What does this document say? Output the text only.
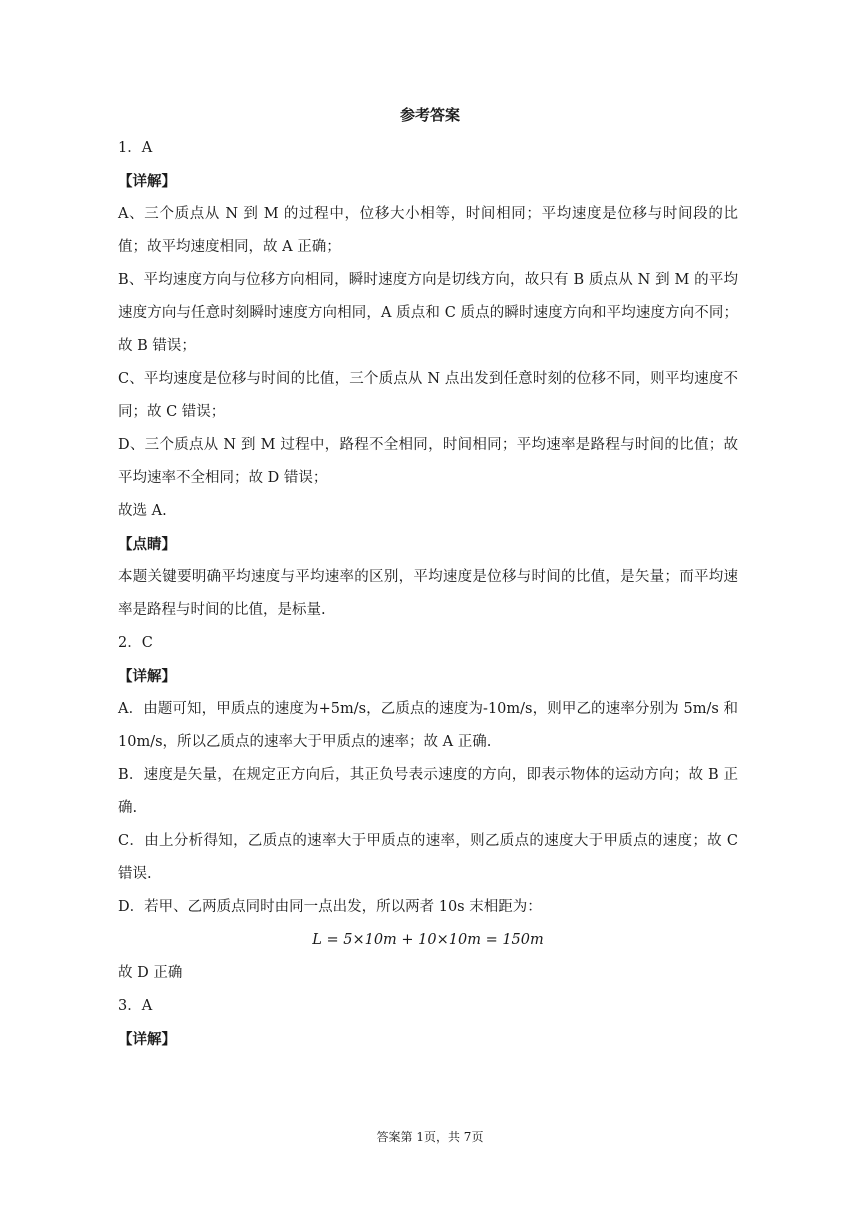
参考答案

1．A

【详解】

A、三个质点从 N 到 M 的过程中，位移大小相等，时间相同；平均速度是位移与时间段的比值；故平均速度相同，故 A 正确；

B、平均速度方向与位移方向相同，瞬时速度方向是切线方向，故只有 B 质点从 N 到 M 的平均速度方向与任意时刻瞬时速度方向相同，A 质点和 C 质点的瞬时速度方向和平均速度方向不同；故 B 错误；

C、平均速度是位移与时间的比值，三个质点从 N 点出发到任意时刻的位移不同，则平均速度不同；故 C 错误；

D、三个质点从 N 到 M 过程中，路程不全相同，时间相同；平均速率是路程与时间的比值；故平均速率不全相同；故 D 错误；

故选 A.

【点睛】

本题关键要明确平均速度与平均速率的区别，平均速度是位移与时间的比值，是矢量；而平均速率是路程与时间的比值，是标量.

2．C

【详解】

A．由题可知，甲质点的速度为+5m/s，乙质点的速度为-10m/s，则甲乙的速率分别为 5m/s 和 10m/s，所以乙质点的速率大于甲质点的速率；故 A 正确.

B．速度是矢量，在规定正方向后，其正负号表示速度的方向，即表示物体的运动方向；故 B 正确.

C．由上分析得知，乙质点的速率大于甲质点的速率，则乙质点的速度大于甲质点的速度；故 C 错误.

D．若甲、乙两质点同时由同一点出发，所以两者 10s 末相距为：

L = 5×10m + 10×10m = 150m

故 D 正确

3．A

【详解】

答案第 1页，共 7页
